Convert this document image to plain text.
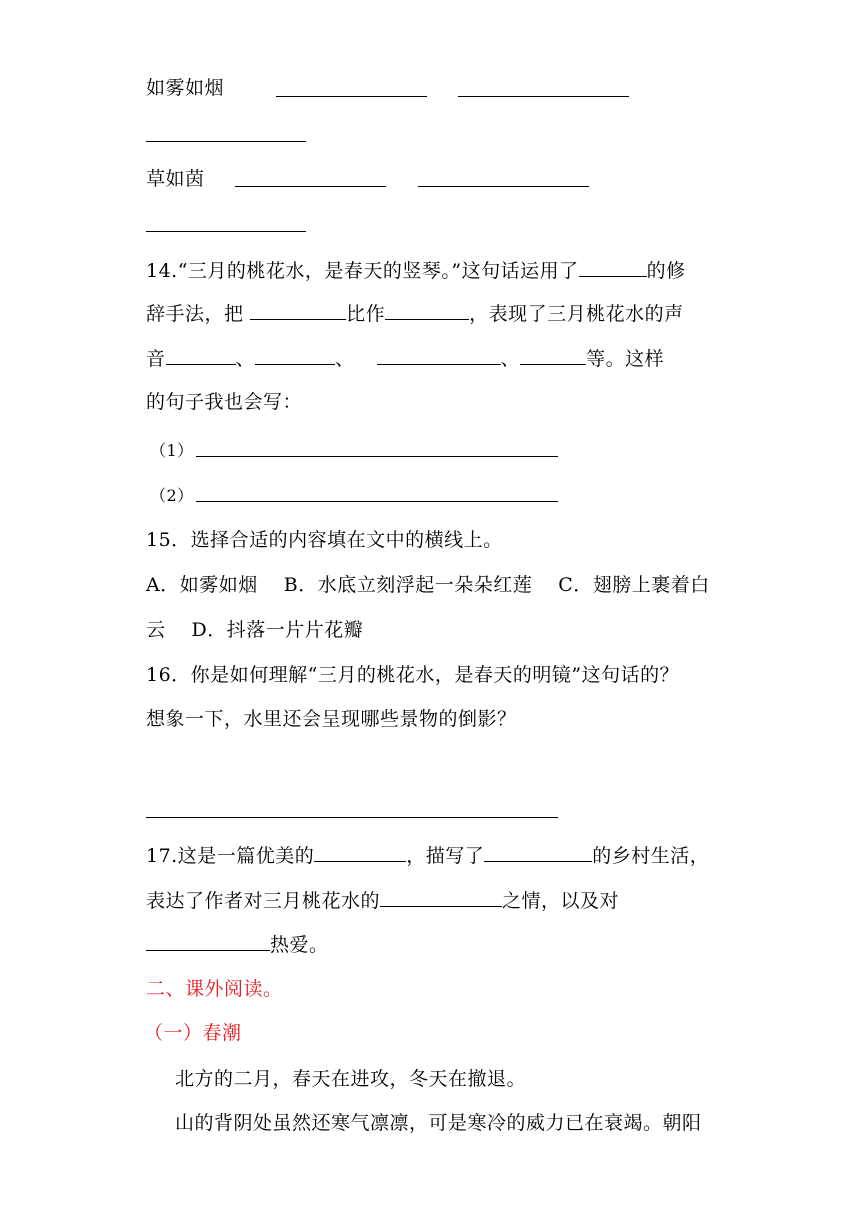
如雾如烟
草如茵
14.“三月的桃花水，是春天的竖琴。”这句话运用了	的修
辞手法，把	比作	，表现了三月桃花水的声
音	、	、	、	等。这样
的句子我也会写：
（1）
（2）
15．选择合适的内容填在文中的横线上。
A．如雾如烟　 B．水底立刻浮起一朵朵红莲　 C．翅膀上裹着白
云　 D．抖落一片片花瓣
16．你是如何理解“三月的桃花水，是春天的明镜”这句话的？
想象一下，水里还会呈现哪些景物的倒影？
17.这是一篇优美的	，描写了	的乡村生活，
表达了作者对三月桃花水的	之情，以及对
热爱。
二、课外阅读。
（一）春潮
北方的二月，春天在进攻，冬天在撤退。
山的背阴处虽然还寒气凛凛，可是寒冷的威力已在衰竭。朝阳
